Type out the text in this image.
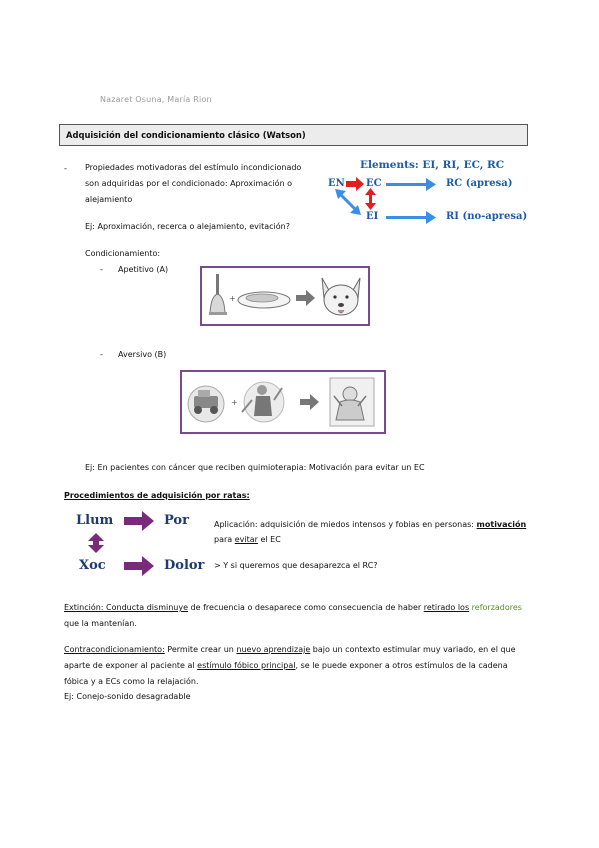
Nazaret Osuna, María Rion
Adquisición del condicionamiento clásico (Watson)
- Propiedades motivadoras del estímulo incondicionado
son adquiridas por el condicionado: Aproximación o
alejamiento
Ej: Aproximación, recerca o alejamiento, evitación?
Condicionamiento:
- Apetitivo (A)
Elements: EI, RI, EC, RC
EN EC
EI
RC (apresa)
RI (no-apresa)
+
- Aversivo (B)
+
Ej: En pacientes con cáncer que reciben quimioterapia: Motivación para evitar un EC
Procedimientos de adquisición por ratas:
Llum	Por
Xoc	Dolor
Aplicación: adquisición de miedos intensos y fobias en personas: motivación
para evitar el EC
> Y si queremos que desaparezca el RC?
Extinción: Conducta disminuye de frecuencia o desaparece como consecuencia de haber retirado los reforzadores
que la mantenían.
Contracondicionamiento: Permite crear un nuevo aprendizaje bajo un contexto estimular muy variado, en el que
aparte de exponer al paciente al estímulo fóbico principal, se le puede exponer a otros estímulos de la cadena
fóbica y a ECs como la relajación.
Ej: Conejo-sonido desagradable
